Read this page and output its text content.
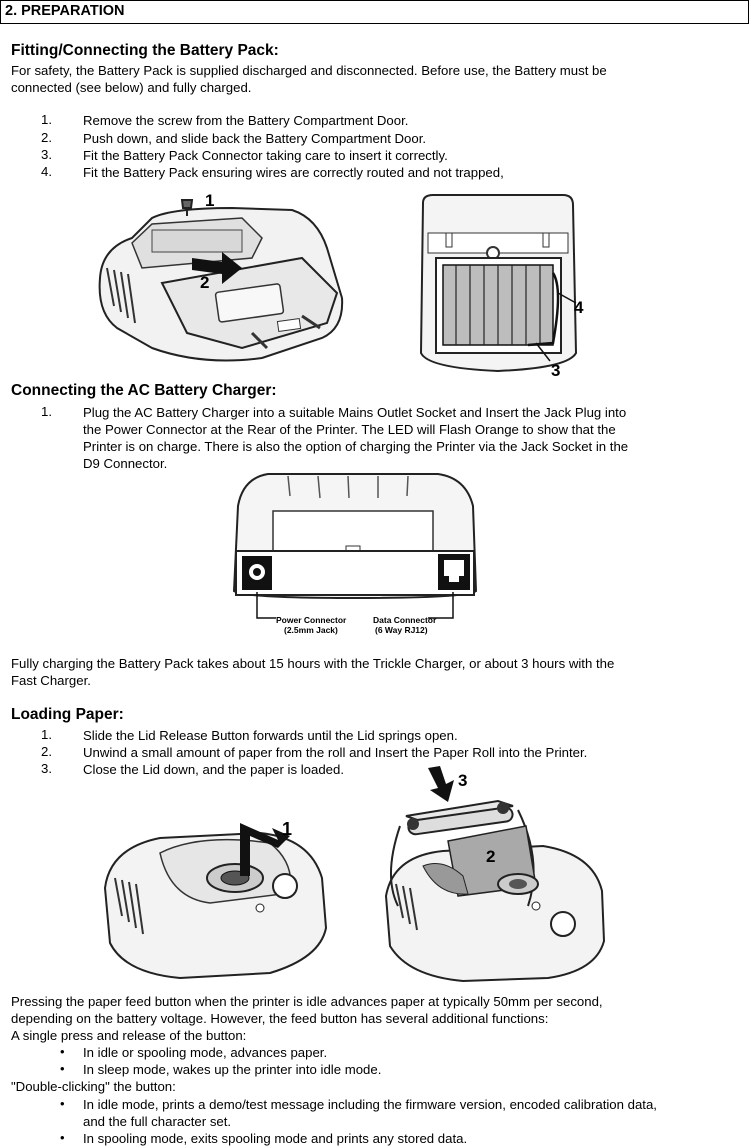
2. PREPARATION
Fitting/Connecting the Battery Pack:
For safety, the Battery Pack is supplied discharged and disconnected. Before use, the Battery must be
connected (see below) and fully charged.
1. Remove the screw from the Battery Compartment Door.
2. Push down, and slide back the Battery Compartment Door.
3. Fit the Battery Pack Connector taking care to insert it correctly.
4. Fit the Battery Pack ensuring wires are correctly routed and not trapped,
1
2
4
3
Connecting the AC Battery Charger:
1. Plug the AC Battery Charger into a suitable Mains Outlet Socket and Insert the Jack Plug into
the Power Connector at the Rear of the Printer. The LED will Flash Orange to show that the
Printer is on charge. There is also the option of charging the Printer via the Jack Socket in the
D9 Connector.
Power Connector
(2.5mm Jack)
Data Connector
(6 Way RJ12)
Fully charging the Battery Pack takes about 15 hours with the Trickle Charger, or about 3 hours with the
Fast Charger.
Loading Paper:
1. Slide the Lid Release Button forwards until the Lid springs open.
2. Unwind a small amount of paper from the roll and Insert the Paper Roll into the Printer.
3. Close the Lid down, and the paper is loaded.
1
3
2
Pressing the paper feed button when the printer is idle advances paper at typically 50mm per second,
depending on the battery voltage. However, the feed button has several additional functions:
A single press and release of the button:
• In idle or spooling mode, advances paper.
• In sleep mode, wakes up the printer into idle mode.
"Double-clicking" the button:
• In idle mode, prints a demo/test message including the firmware version, encoded calibration data,
and the full character set.
• In spooling mode, exits spooling mode and prints any stored data.
